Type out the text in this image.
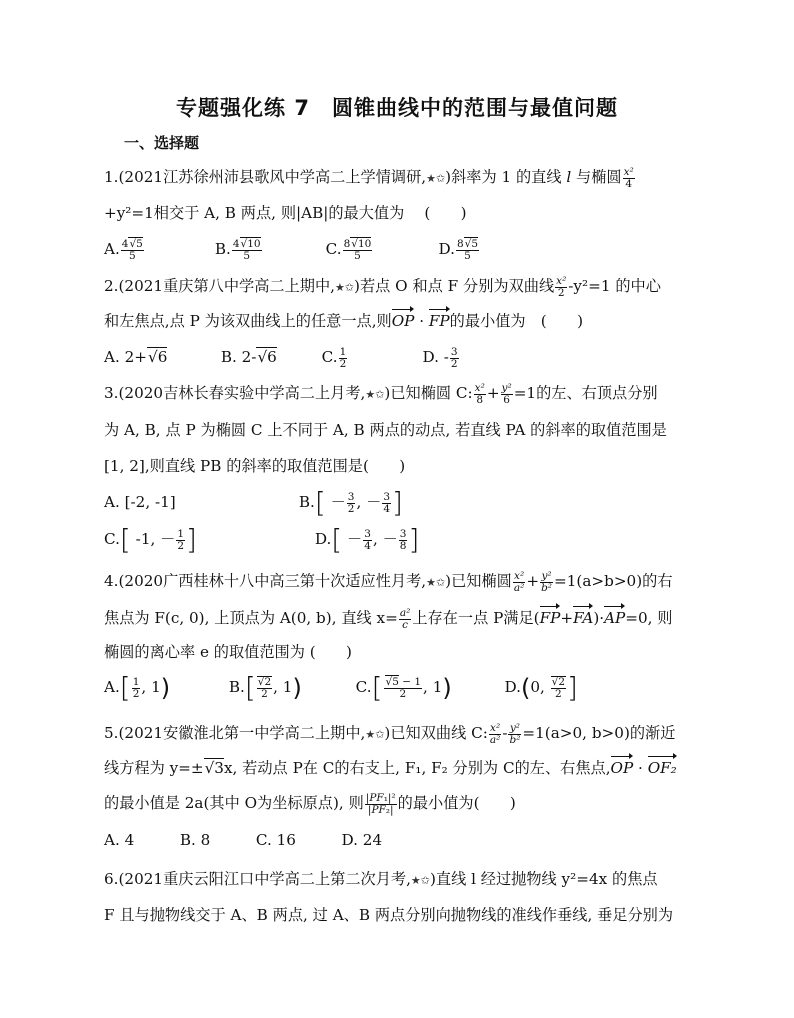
专题强化练 7　圆锥曲线中的范围与最值问题
一、选择题
1.(2021江苏徐州沛县歌风中学高二上学情调研,★✩)斜率为 1 的直线 l 与椭圆 $\frac{\text{x²}}{4}$
+y²=1相交于 A, B 两点, 则|AB|的最大值为　 (　　)
A. $\frac{4√5}{5}$	B. $\frac{4√10}{5}$	C. $\frac{8√10}{5}$	D. $\frac{8√5}{5}$
2.(2021重庆第八中学高二上期中,★✩)若点 O 和点 F 分别为双曲线 $\frac{\text{x²}}{2} -y^2=1$ 的中心
和左焦点,点 P 为该双曲线上的任意一点,则OP · FP的最小值为　(　　)
A. 2+√6	B. 2-√6	C. $\frac{1}{2}$	D. - $\frac{3}{2}$
3.(2020吉林长春实验中学高二上月考,★✩)已知椭圆 C: $\frac{\text{x²}}{8} + \frac{\text{y²}}{6} =1$的左、右顶点分别
为 A, B, 点 P 为椭圆 C 上不同于 A, B 两点的动点, 若直线 PA 的斜率的取值范围是
[1, 2],则直线 PB 的斜率的取值范围是(　　)
A. [-2, -1]	$B.[ - \frac{3}{2}$ , － $\frac{3}{4}$ ]
C.[ -1, － $\frac{1}{2}$ ]	$D.[ - \frac{3}{4}$ , － $\frac{3}{8}$ ]
4.(2020广西桂林十八中高三第十次适应性月考,★✩)已知椭圆 $\frac{\text{x²}}{\text{a²}} + \frac{\text{y²}}{\text{b²}} =1(a>b>0)$的右
焦点为 F(c, 0), 上顶点为 A(0, b), 直线 $x= \frac{\text{a²}}{c}$ 上存在一点 P满足(FP+FA)·AP=0, 则
椭圆的离心率 e 的取值范围为 (　　)
$A.[ \frac{1}{2}$ , 1)	$B.[ \frac{√2}{2}$ , 1)	$C.[ \frac{√5 - 1}{2}$ , 1)	D.(0, $\frac{√2}{2}$ ]
5.(2021安徽淮北第一中学高二上期中,★✩)已知双曲线 C: $\frac{\text{x²}}{\text{a²}} - \frac{\text{y²}}{\text{b²}} =1(a>0$, b>0)的渐近
线方程为 y=±√3x, 若动点 P在 C的右支上, F₁, F₂ 分别为 C的左、右焦点,OP · OF₂
的最小值是 2a(其中 O为坐标原点), 则 $\frac{\text{|PF₁|²}}{\text{|PF₂|}}$ 的最小值为(　　)
A. 4　　　B. 8　　　C. 16　　　D. 24
6.(2021重庆云阳江口中学高二上第二次月考,★✩)直线 l 经过抛物线 y²=4x 的焦点
F 且与抛物线交于 A、B 两点, 过 A、B 两点分别向抛物线的准线作垂线, 垂足分别为
